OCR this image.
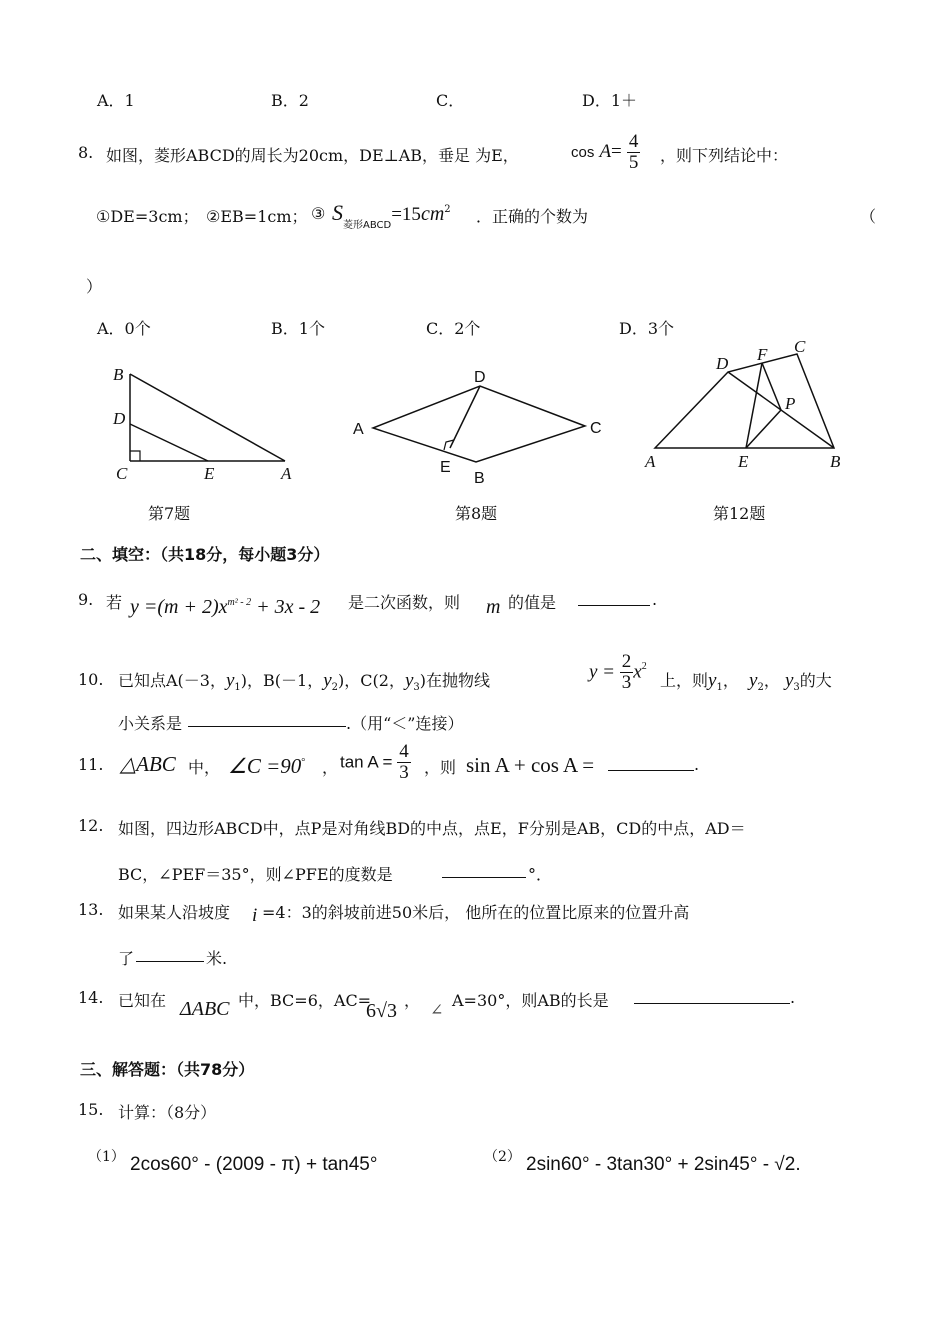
A．1	B．2	C．	D．1＋
8. 如图，菱形ABCD的周长为20cm，DE⊥AB，垂足 为E，	$\cos A= \frac{4}{5}$ ，则下列结论中：
①DE=3cm； ②EB=1cm； ③ $S_{菱形ABCD}=15cm^2$ ．正确的个数为	（
）
A．0个	B．1个	C．2个	D．3个
B
D
C	E	A
第7题
D
A	C
E
B
第8题
D F C
P
A	E	B
第12题
二、填空：（共18分，每小题3分）
9. 若 $y =(m + 2)x^{m^2 - 2} + 3x - 2$ 是二次函数，则 m 的值是	.
10. 已知点A(－3，$y_1$)，B(－1，$y_2$)，C(2，$y_3$)在抛物线	$y = \frac{2}{3} x^2$
上，则$y_1$， $y_2$， $y_3$的大
小关系是	.（用“＜”连接）
11. △ABC 中， ∠C =90° ， $\tan A = \frac{4}{3}$ ，则 sin A + cos A =	.
12. 如图，四边形ABCD中，点P是对角线BD的中点，点E，F分别是AB，CD的中点，AD＝
BC，∠PEF＝35°，则∠PFE的度数是	°．
13. 如果某人沿坡度 i =4：3的斜坡前进50米后， 他所在的位置比原来的位置升高
了	米.
14. 已知在 ΔABC 中，BC=6，AC=
6√3 ， ∠ A=30°，则AB的长是	.
三、解答题：（共78分）
15. 计算：（8分）
（1） 2cos60° - (2009 - π) + tan45°	（2） 2sin60° - 3tan30° + 2sin45° - √2.
